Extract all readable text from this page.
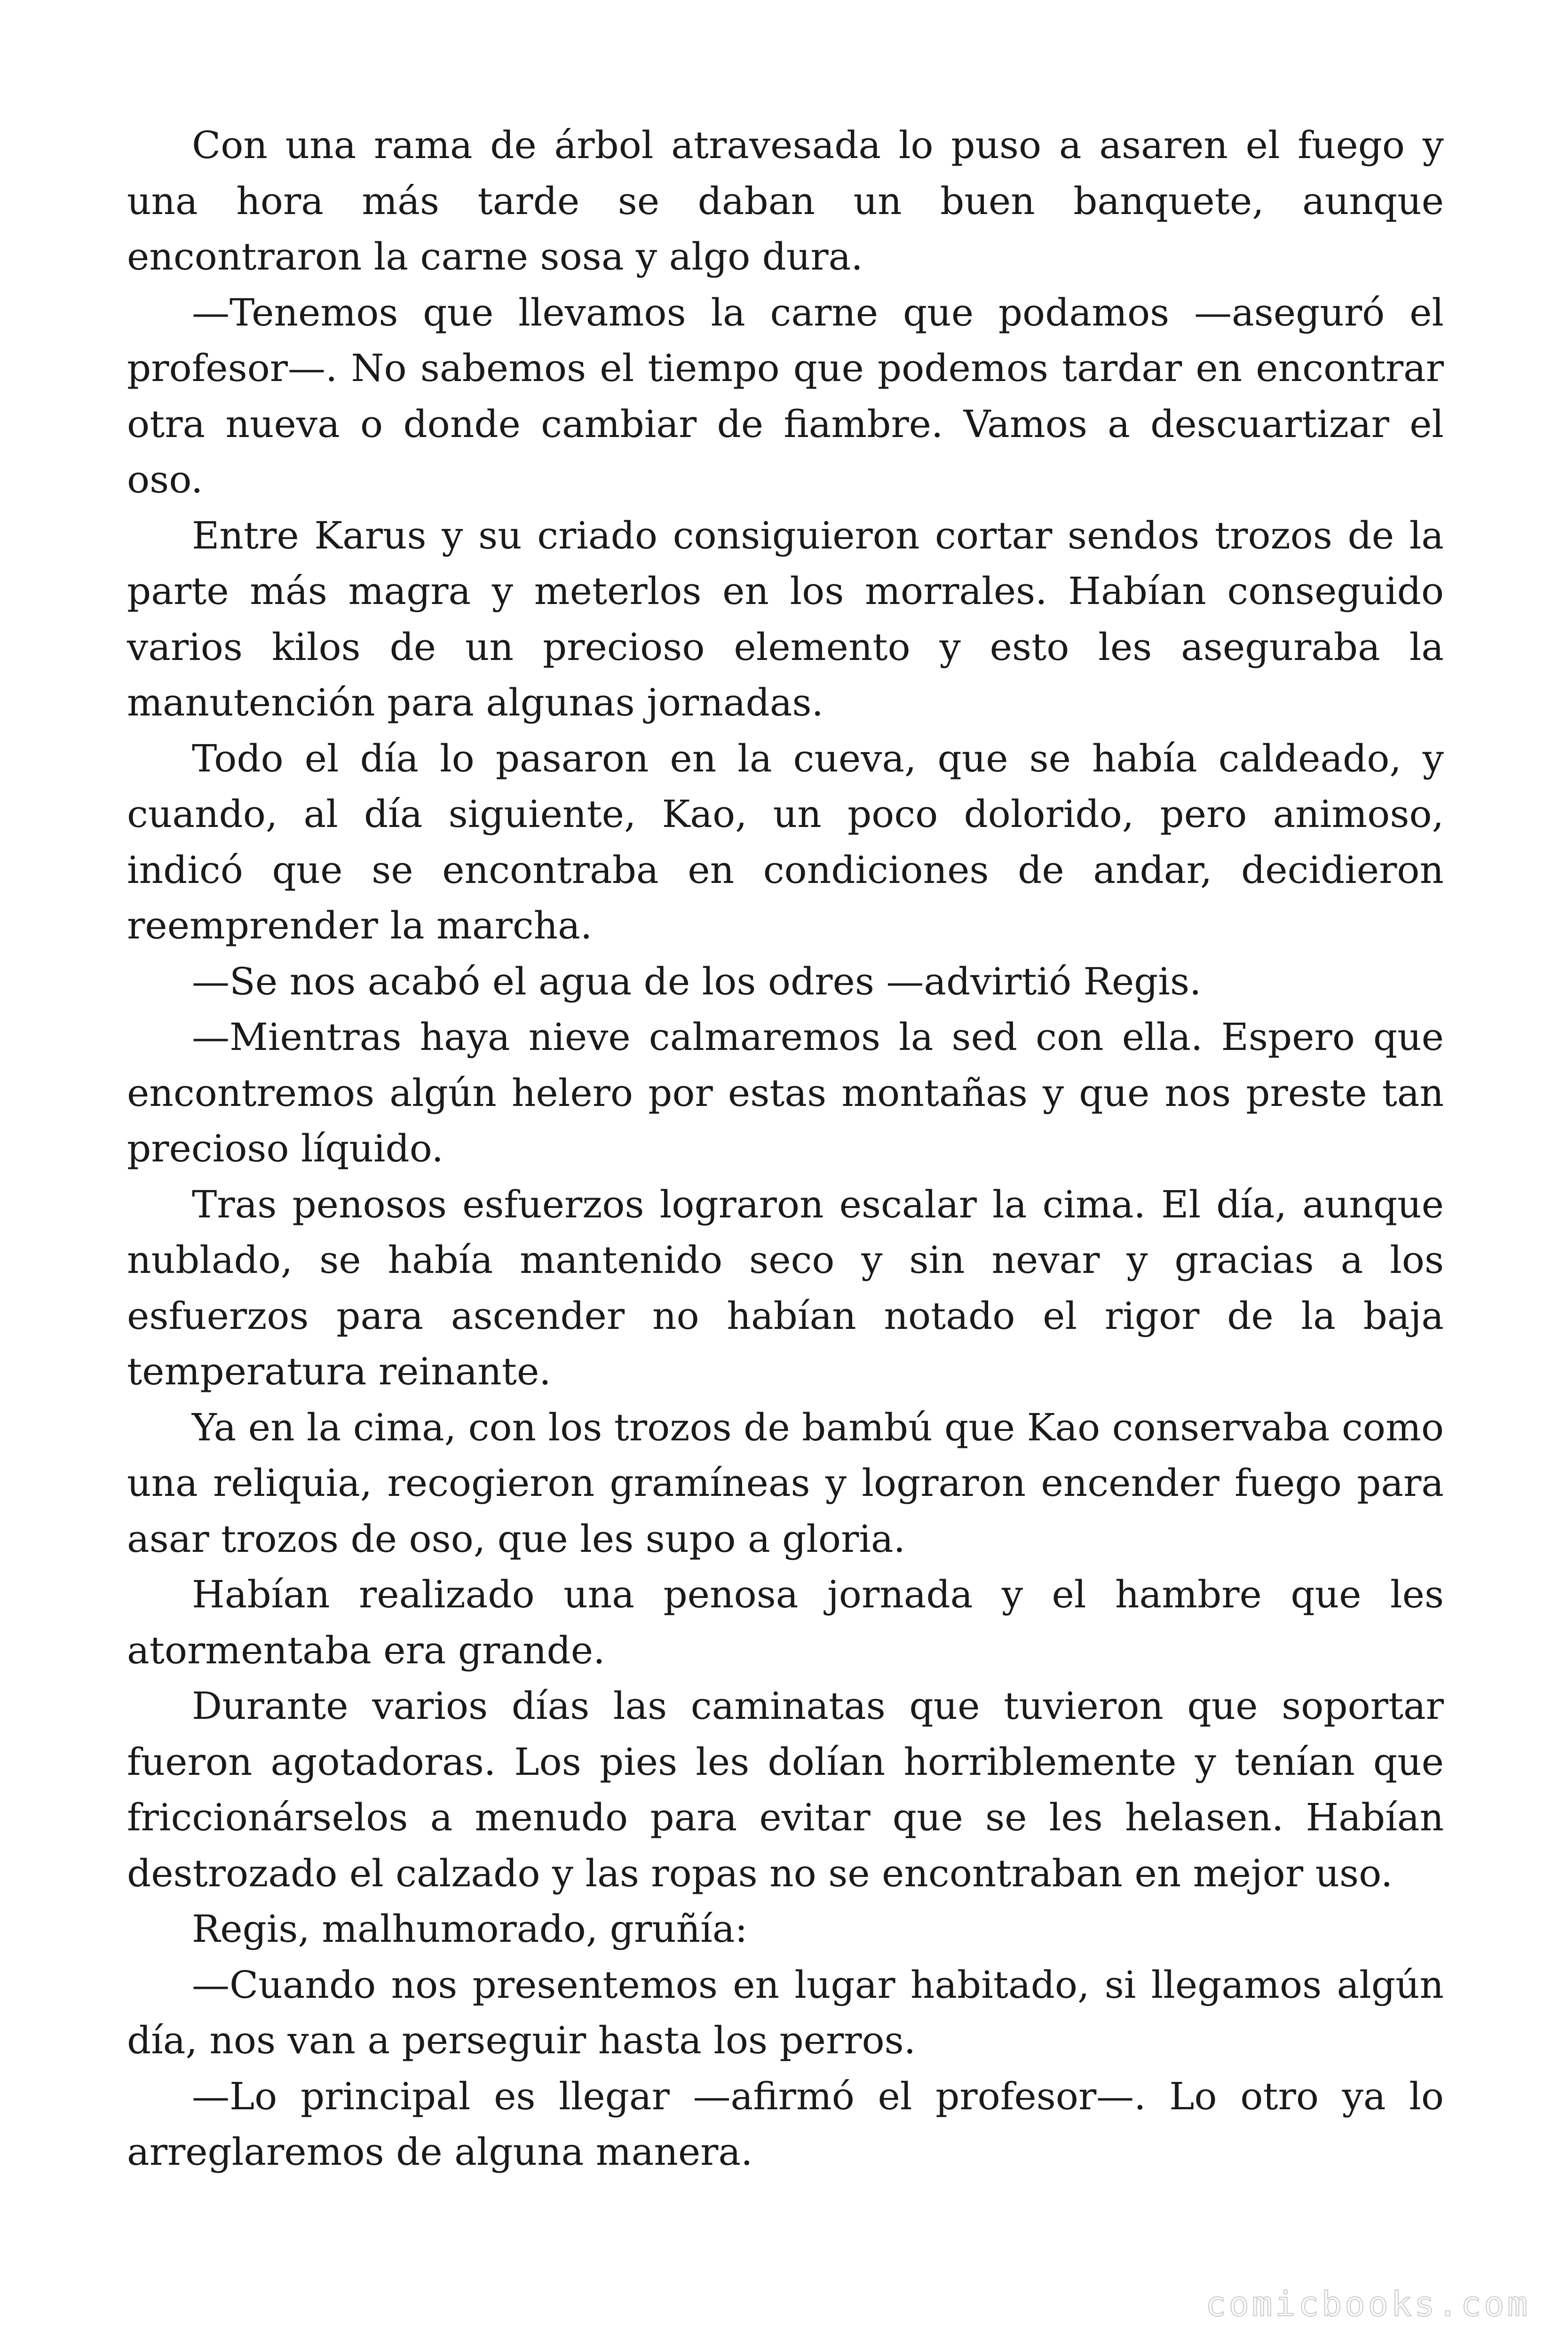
Con una rama de árbol atravesada lo puso a asaren el fuego y una hora más tarde se daban un buen banquete, aunque encontraron la carne sosa y algo dura.

—Tenemos que llevamos la carne que podamos —aseguró el profesor—. No sabemos el tiempo que podemos tardar en encontrar otra nueva o donde cambiar de fiambre. Vamos a descuartizar el oso.

Entre Karus y su criado consiguieron cortar sendos trozos de la parte más magra y meterlos en los morrales. Habían conseguido varios kilos de un precioso elemento y esto les aseguraba la manutención para algunas jornadas.

Todo el día lo pasaron en la cueva, que se había caldeado, y cuando, al día siguiente, Kao, un poco dolorido, pero animoso, indicó que se encontraba en condiciones de andar, decidieron reemprender la marcha.

—Se nos acabó el agua de los odres —advirtió Regis.

—Mientras haya nieve calmaremos la sed con ella. Espero que encontremos algún helero por estas montañas y que nos preste tan precioso líquido.

Tras penosos esfuerzos lograron escalar la cima. El día, aunque nublado, se había mantenido seco y sin nevar y gracias a los esfuerzos para ascender no habían notado el rigor de la baja temperatura reinante.

Ya en la cima, con los trozos de bambú que Kao conservaba como una reliquia, recogieron gramíneas y lograron encender fuego para asar trozos de oso, que les supo a gloria.

Habían realizado una penosa jornada y el hambre que les atormentaba era grande.

Durante varios días las caminatas que tuvieron que soportar fueron agotadoras. Los pies les dolían horriblemente y tenían que friccionárselos a menudo para evitar que se les helasen. Habían destrozado el calzado y las ropas no se encontraban en mejor uso.

Regis, malhumorado, gruñía:

—Cuando nos presentemos en lugar habitado, si llegamos algún día, nos van a perseguir hasta los perros.

—Lo principal es llegar —afirmó el profesor—. Lo otro ya lo arreglaremos de alguna manera.

comicbooks.com
